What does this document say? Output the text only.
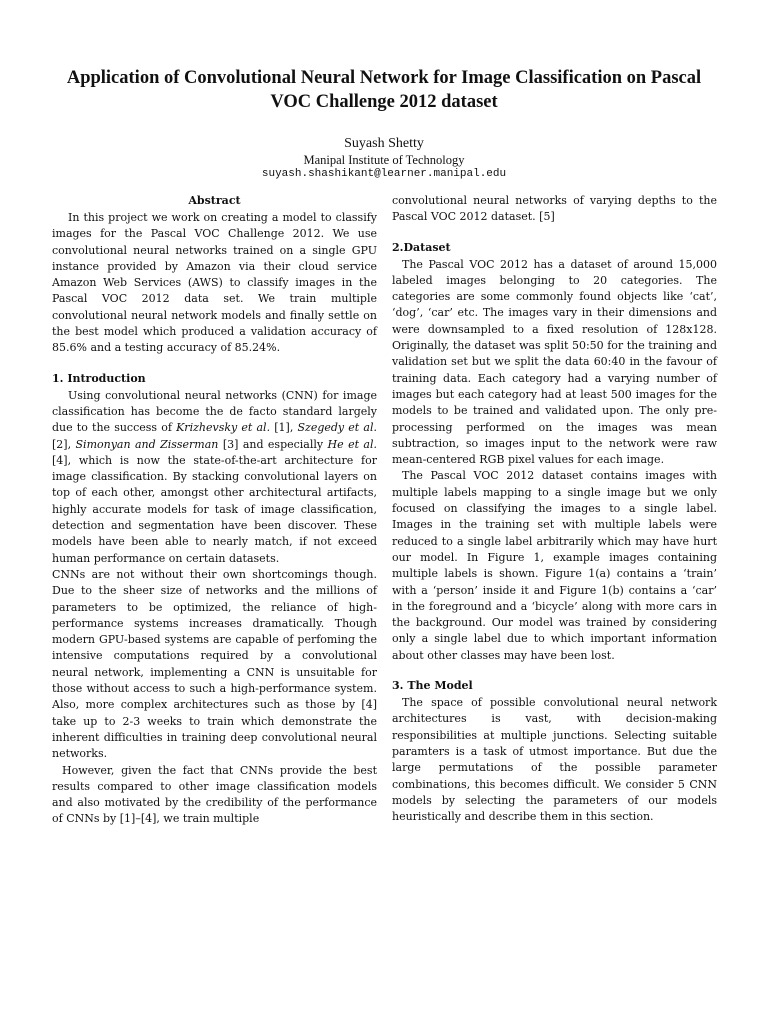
Application of Convolutional Neural Network for Image Classification on Pascal VOC Challenge 2012 dataset
Suyash Shetty
Manipal Institute of Technology
suyash.shashikant@learner.manipal.edu
Abstract

In this project we work on creating a model to classify images for the Pascal VOC Challenge 2012. We use convolutional neural networks trained on a single GPU instance provided by Amazon via their cloud service Amazon Web Services (AWS) to classify images in the Pascal VOC 2012 data set. We train multiple convolutional neural network models and finally settle on the best model which produced a validation accuracy of 85.6% and a testing accuracy of 85.24%.

1. Introduction

Using convolutional neural networks (CNN) for image classification has become the de facto standard largely due to the success of Krizhevsky et al. [1], Szegedy et al. [2], Simonyan and Zisserman [3] and especially He et al. [4], which is now the state-of-the-art architecture for image classification. By stacking convolutional layers on top of each other, amongst other architectural artifacts, highly accurate models for task of image classification, detection and segmentation have been discover. These models have been able to nearly match, if not exceed human performance on certain datasets.

CNNs are not without their own shortcomings though. Due to the sheer size of networks and the millions of parameters to be optimized, the reliance of high-performance systems increases dramatically. Though modern GPU-based systems are capable of perfoming the intensive computations required by a convolutional neural network, implementing a CNN is unsuitable for those without access to such a high-performance system. Also, more complex architectures such as those by [4] take up to 2-3 weeks to train which demonstrate the inherent difficulties in training deep convolutional neural networks.

However, given the fact that CNNs provide the best results compared to other image classification models and also motivated by the credibility of the performance of CNNs by [1]–[4], we train multiple

convolutional neural networks of varying depths to the Pascal VOC 2012 dataset. [5]

2.Dataset

The Pascal VOC 2012 has a dataset of around 15,000 labeled images belonging to 20 categories. The categories are some commonly found objects like ‘cat’, ‘dog’, ‘car’ etc. The images vary in their dimensions and were downsampled to a fixed resolution of 128x128. Originally, the dataset was split 50:50 for the training and validation set but we split the data 60:40 in the favour of training data. Each category had a varying number of images but each category had at least 500 images for the models to be trained and validated upon. The only pre-processing performed on the images was mean subtraction, so images input to the network were raw mean-centered RGB pixel values for each image.

The Pascal VOC 2012 dataset contains images with multiple labels mapping to a single image but we only focused on classifying the images to a single label. Images in the training set with multiple labels were reduced to a single label arbitrarily which may have hurt our model. In Figure 1, example images containing multiple labels is shown. Figure 1(a) contains a ‘train’ with a ‘person’ inside it and Figure 1(b) contains a ‘car’ in the foreground and a ‘bicycle’ along with more cars in the background. Our model was trained by considering only a single label due to which important information about other classes may have been lost.

3. The Model

The space of possible convolutional neural network architectures is vast, with decision-making responsibilities at multiple junctions. Selecting suitable paramters is a task of utmost importance. But due the large permutations of the possible parameter combinations, this becomes difficult. We consider 5 CNN models by selecting the parameters of our models heuristically and describe them in this section.
